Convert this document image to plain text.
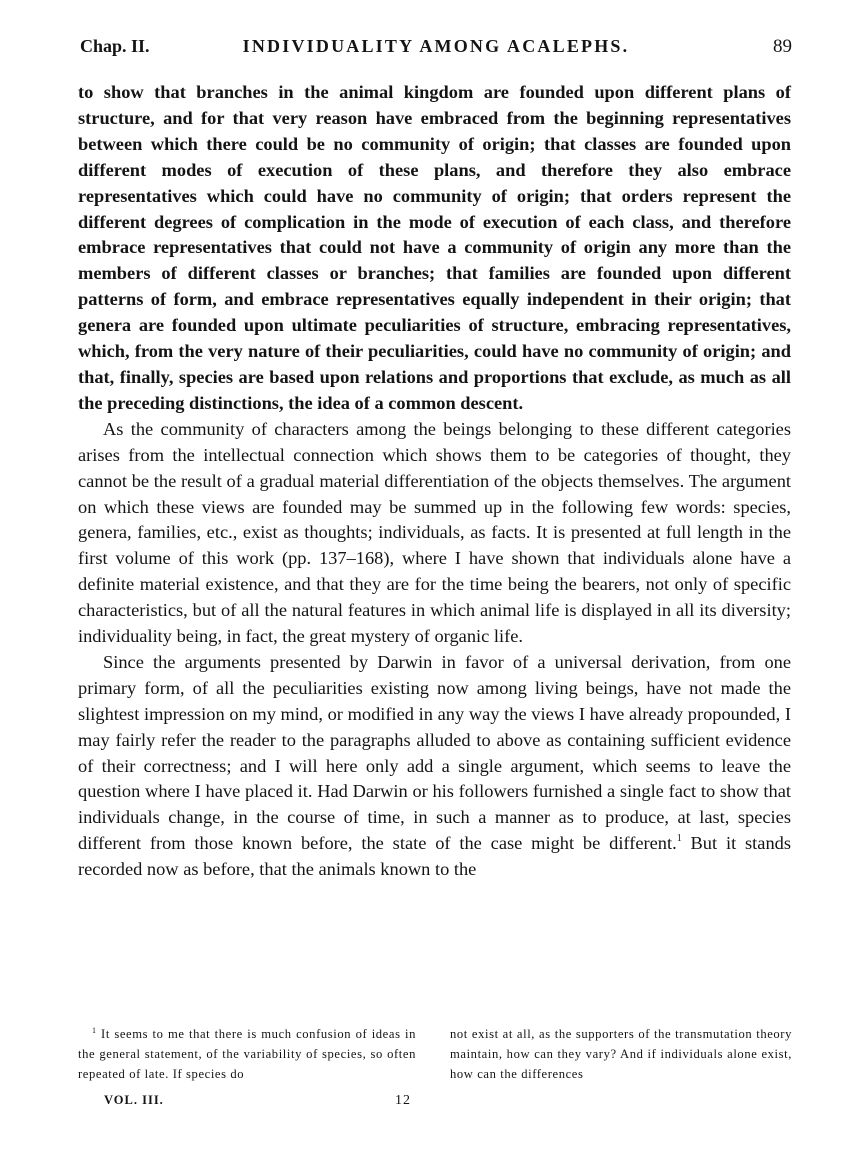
Chap. II.	INDIVIDUALITY AMONG ACALEPHS.	89

to show that branches in the animal kingdom are founded upon different plans of structure, and for that very reason have embraced from the beginning representatives between which there could be no community of origin; that classes are founded upon different modes of execution of these plans, and therefore they also embrace representatives which could have no community of origin; that orders represent the different degrees of complication in the mode of execution of each class, and therefore embrace representatives that could not have a community of origin any more than the members of different classes or branches; that families are founded upon different patterns of form, and embrace representatives equally independent in their origin; that genera are founded upon ultimate peculiarities of structure, embracing representatives, which, from the very nature of their peculiarities, could have no community of origin; and that, finally, species are based upon relations and proportions that exclude, as much as all the preceding distinctions, the idea of a common descent.

As the community of characters among the beings belonging to these different categories arises from the intellectual connection which shows them to be categories of thought, they cannot be the result of a gradual material differentiation of the objects themselves. The argument on which these views are founded may be summed up in the following few words: species, genera, families, etc., exist as thoughts; individuals, as facts. It is presented at full length in the first volume of this work (pp. 137–168), where I have shown that individuals alone have a definite material existence, and that they are for the time being the bearers, not only of specific characteristics, but of all the natural features in which animal life is displayed in all its diversity; individuality being, in fact, the great mystery of organic life.

Since the arguments presented by Darwin in favor of a universal derivation, from one primary form, of all the peculiarities existing now among living beings, have not made the slightest impression on my mind, or modified in any way the views I have already propounded, I may fairly refer the reader to the paragraphs alluded to above as containing sufficient evidence of their correctness; and I will here only add a single argument, which seems to leave the question where I have placed it. Had Darwin or his followers furnished a single fact to show that individuals change, in the course of time, in such a manner as to produce, at last, species different from those known before, the state of the case might be different.$^1$ But it stands recorded now as before, that the animals known to the

$^1$ It seems to me that there is much confusion of ideas in the general statement, of the variability of species, so often repeated of late. If species do
not exist at all, as the supporters of the transmutation theory maintain, how can they vary? And if individuals alone exist, how can the differences
VOL. III.	12
